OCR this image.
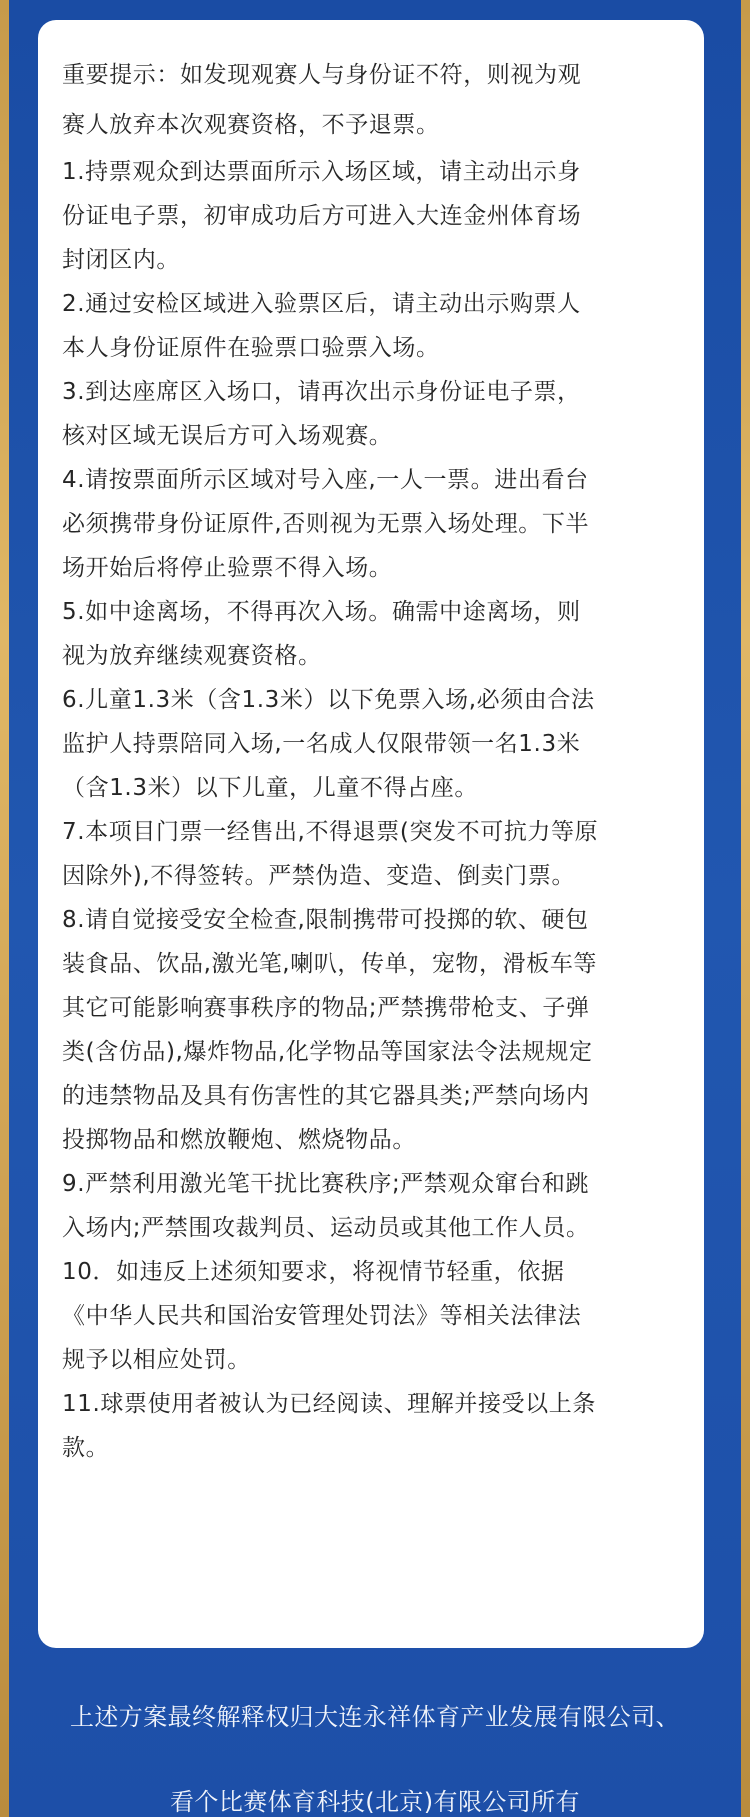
重要提示：如发现观赛人与身份证不符，则视为观

赛人放弃本次观赛资格，不予退票。

1.持票观众到达票面所示入场区域，请主动出示身

份证电子票，初审成功后方可进入大连金州体育场

封闭区内。

2.通过安检区域进入验票区后，请主动出示购票人

本人身份证原件在验票口验票入场。

3.到达座席区入场口，请再次出示身份证电子票，

核对区域无误后方可入场观赛。

4.请按票面所示区域对号入座,一人一票。进出看台

必须携带身份证原件,否则视为无票入场处理。下半

场开始后将停止验票不得入场。

5.如中途离场，不得再次入场。确需中途离场，则

视为放弃继续观赛资格。

6.儿童1.3米（含1.3米）以下免票入场,必须由合法

监护人持票陪同入场,一名成人仅限带领一名1.3米

（含1.3米）以下儿童，儿童不得占座。

7.本项目门票一经售出,不得退票(突发不可抗力等原

因除外),不得签转。严禁伪造、变造、倒卖门票。

8.请自觉接受安全检查,限制携带可投掷的软、硬包

装食品、饮品,激光笔,喇叭，传单，宠物，滑板车等

其它可能影响赛事秩序的物品;严禁携带枪支、子弹

类(含仿品),爆炸物品,化学物品等国家法令法规规定

的违禁物品及具有伤害性的其它器具类;严禁向场内

投掷物品和燃放鞭炮、燃烧物品。

9.严禁利用激光笔干扰比赛秩序;严禁观众窜台和跳

入场内;严禁围攻裁判员、运动员或其他工作人员。

10．如违反上述须知要求，将视情节轻重，依据

《中华人民共和国治安管理处罚法》等相关法律法

规予以相应处罚。

11.球票使用者被认为已经阅读、理解并接受以上条

款。

上述方案最终解释权归大连永祥体育产业发展有限公司、
看个比赛体育科技(北京)有限公司所有
